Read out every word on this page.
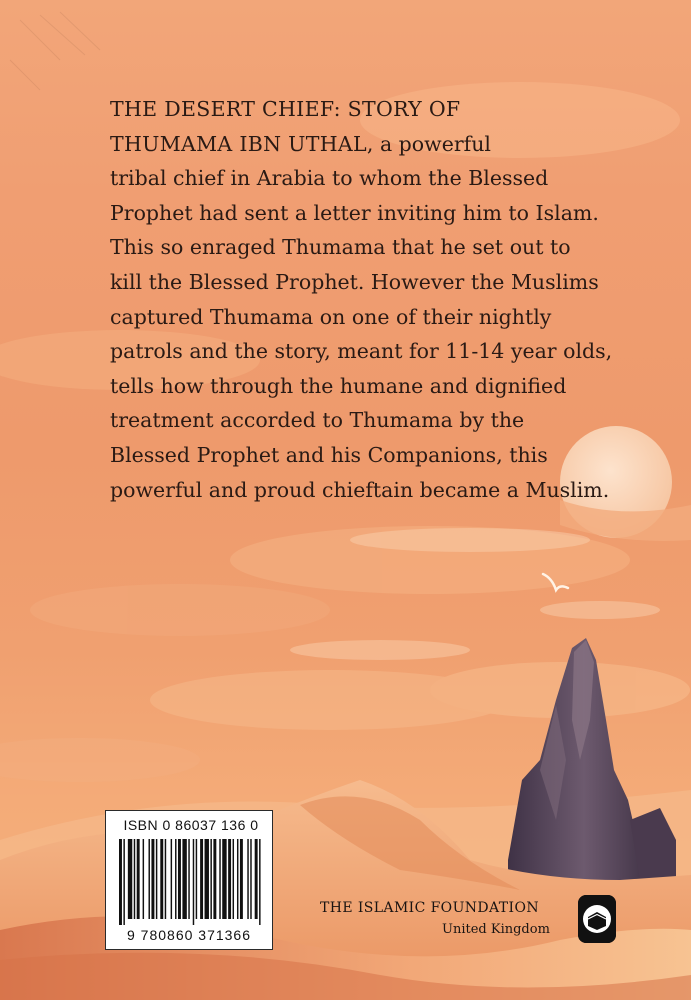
THE DESERT CHIEF: STORY OF
THUMAMA IBN UTHAL, a powerful
tribal chief in Arabia to whom the Blessed
Prophet had sent a letter inviting him to Islam.
This so enraged Thumama that he set out to
kill the Blessed Prophet. However the Muslims
captured Thumama on one of their nightly
patrols and the story, meant for 11-14 year olds,
tells how through the humane and dignified
treatment accorded to Thumama by the
Blessed Prophet and his Companions, this
powerful and proud chieftain became a Muslim.
ISBN 0 86037 136 0
9 780860 371366
THE ISLAMIC FOUNDATION
United Kingdom
